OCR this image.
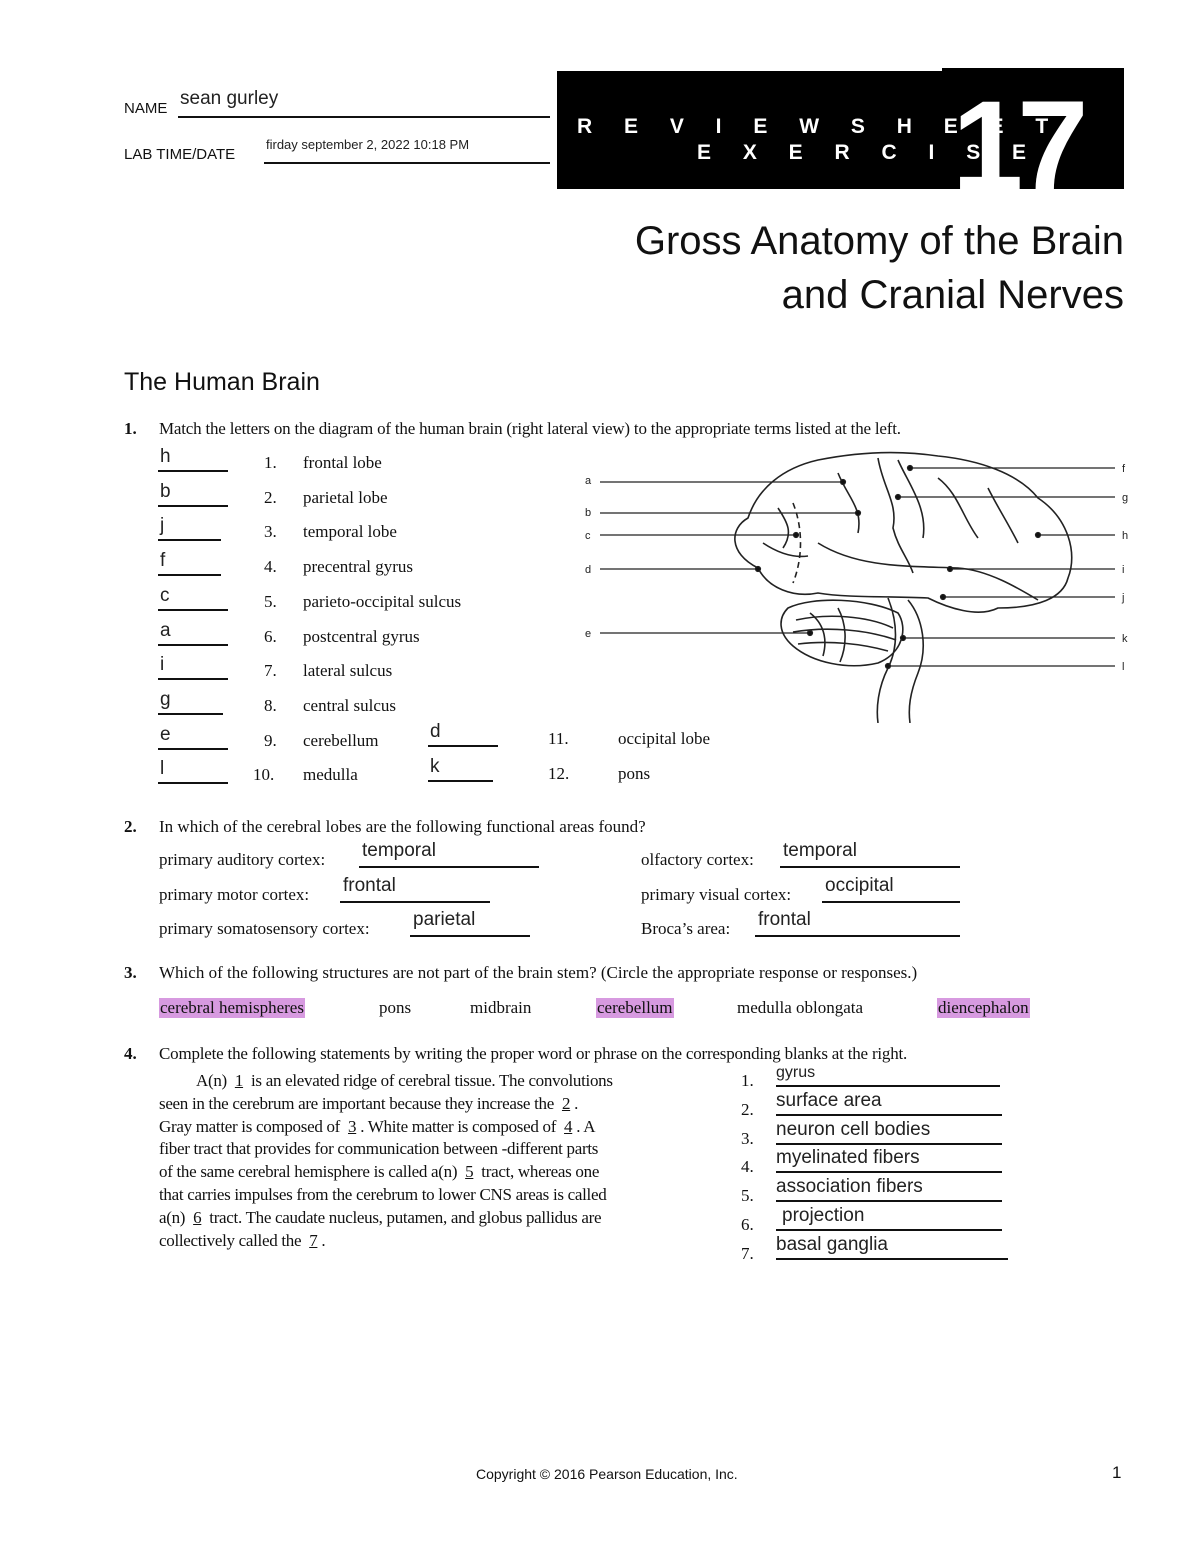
NAME sean gurley
LAB TIME/DATE
firday september 2, 2022 10:18 PM
R E V I E W S H E E T
E X E R C I S E
17
Gross Anatomy of the Brain
and Cranial Nerves
The Human Brain
1. Match the letters on the diagram of the human brain (right lateral view) to the appropriate terms listed at the left.
h	1. frontal lobe
b	2. parietal lobe
j	3. temporal lobe
f	4. precentral gyrus
c	5. parieto-occipital sulcus
a	6. postcentral gyrus
i	7. lateral sulcus
g	8. central sulcus
e	9. cerebellum
l	10. medulla
d	11.	occipital lobe
k	12.	pons
a
b
c
d
e
f
g
h
i
j
k
l
2. In which of the cerebral lobes are the following functional areas found?
primary auditory cortex: temporal	olfactory cortex: temporal
primary motor cortex: frontal	primary visual cortex: occipital
primary somatosensory cortex: parietal	Broca’s area: frontal
3. Which of the following structures are not part of the brain stem? (Circle the appropriate response or responses.)
cerebral hemispheres	pons	midbrain	cerebellum	medulla oblongata	diencephalon
4. Complete the following statements by writing the proper word or phrase on the corresponding blanks at the right.
A(n) 1 is an elevated ridge of cerebral tissue. The convolutions
seen in the cerebrum are important because they increase the 2 .
Gray matter is composed of 3 . White matter is composed of 4 . A
fiber tract that provides for communication between -different parts
of the same cerebral hemisphere is called a(n) 5 tract, whereas one
that carries impulses from the cerebrum to lower CNS areas is called
a(n) 6 tract. The caudate nucleus, putamen, and globus pallidus are
collectively called the 7 .
1. gyrus
2. surface area
3. neuron cell bodies
4. myelinated fibers
5. association fibers
6. projection
7. basal ganglia
Copyright © 2016 Pearson Education, Inc.	1
